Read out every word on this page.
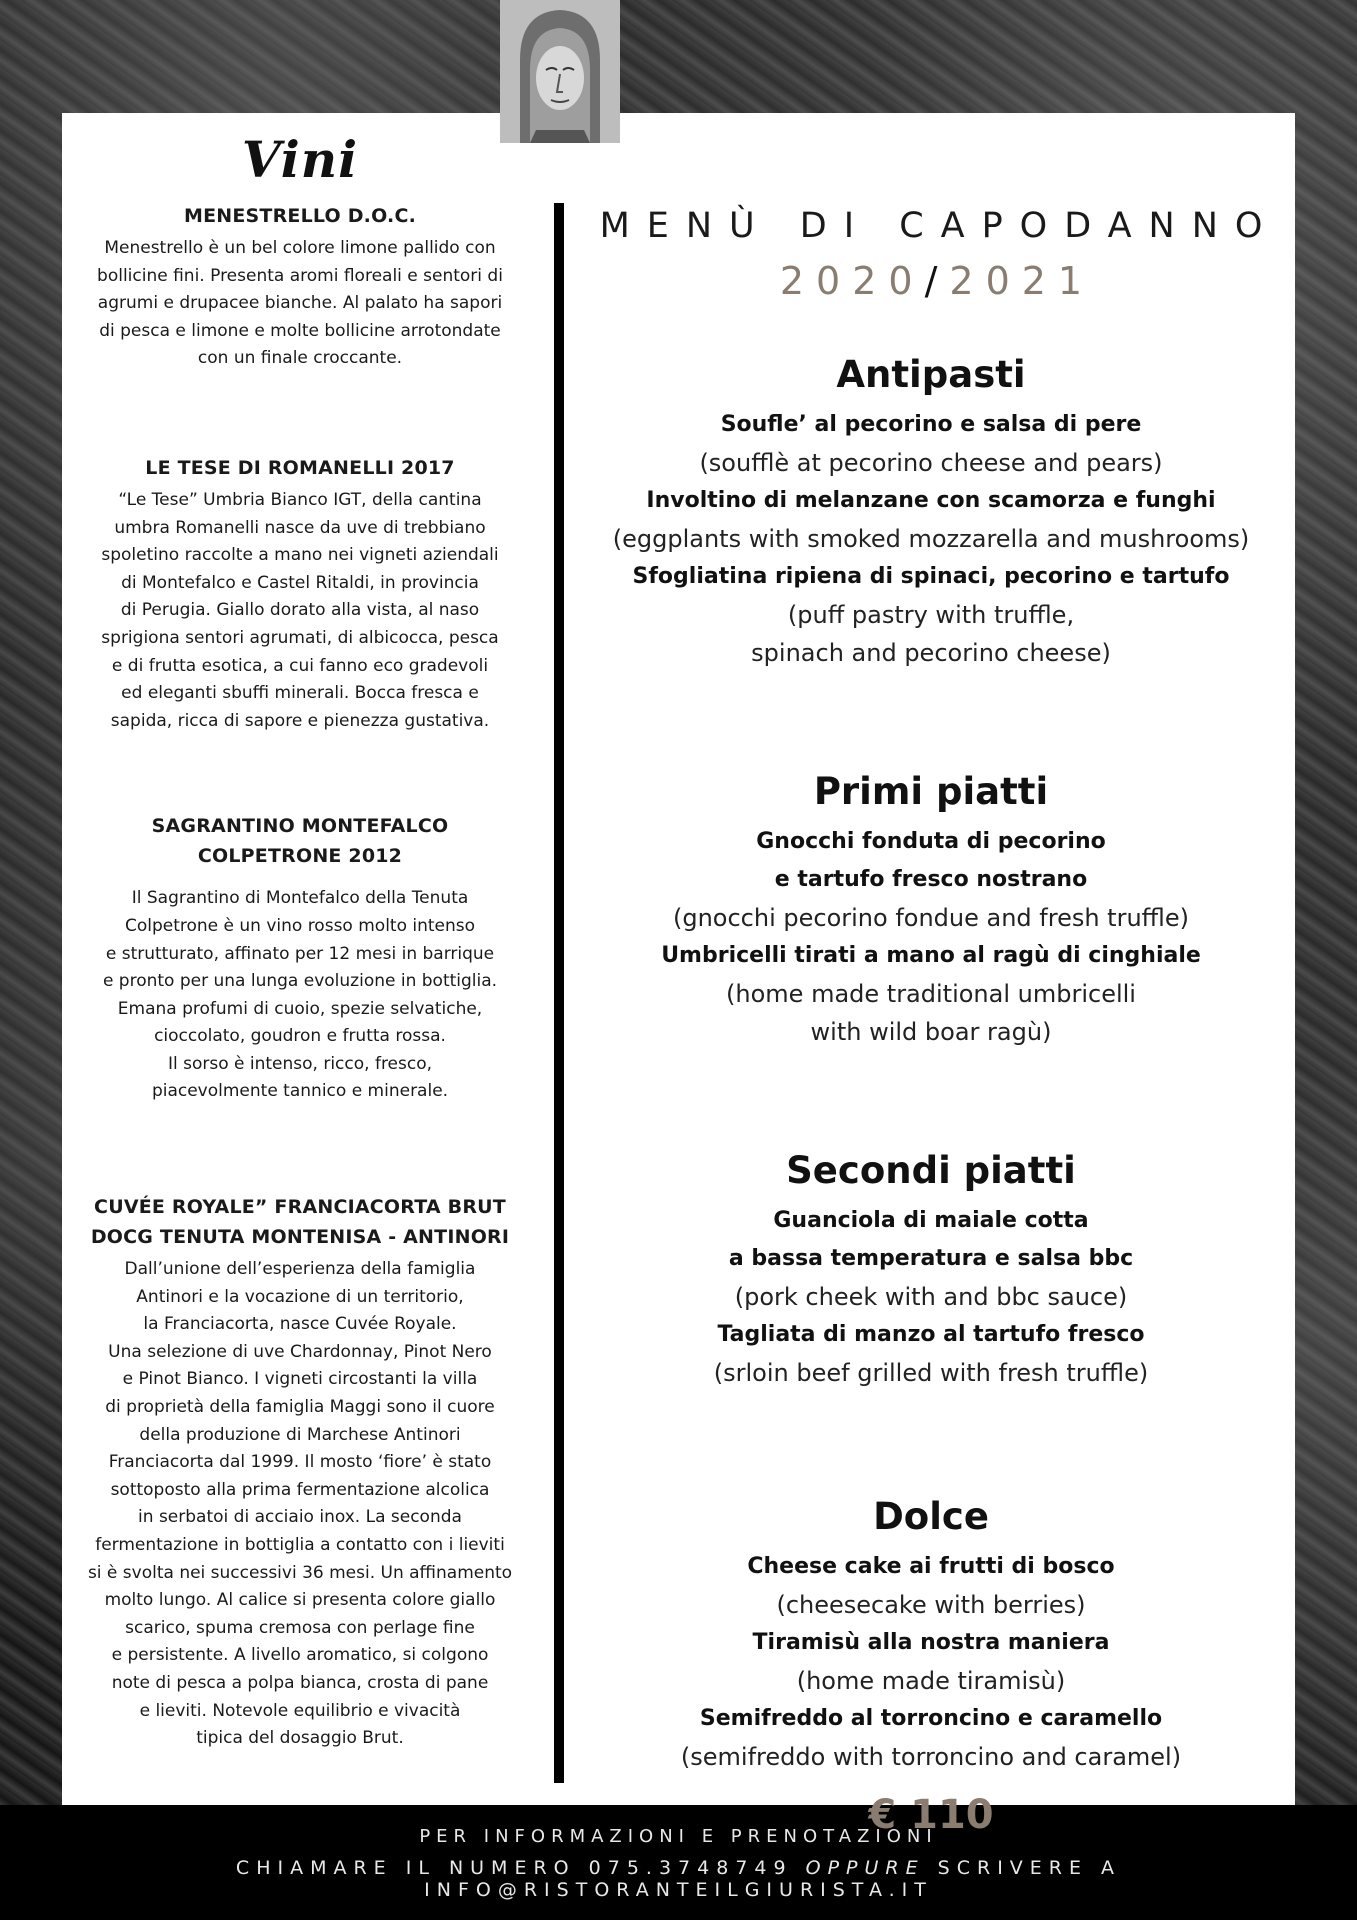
Vini
MENESTRELLO D.O.C.

Menestrello è un bel colore limone pallido con
bollicine fini. Presenta aromi floreali e sentori di
agrumi e drupacee bianche. Al palato ha sapori
di pesca e limone e molte bollicine arrotondate
con un finale croccante.

LE TESE DI ROMANELLI 2017

“Le Tese” Umbria Bianco IGT, della cantina
umbra Romanelli nasce da uve di trebbiano
spoletino raccolte a mano nei vigneti aziendali
di Montefalco e Castel Ritaldi, in provincia
di Perugia. Giallo dorato alla vista, al naso
sprigiona sentori agrumati, di albicocca, pesca
e di frutta esotica, a cui fanno eco gradevoli
ed eleganti sbuffi minerali. Bocca fresca e
sapida, ricca di sapore e pienezza gustativa.

SAGRANTINO MONTEFALCO
COLPETRONE 2012

Il Sagrantino di Montefalco della Tenuta
Colpetrone è un vino rosso molto intenso
e strutturato, affinato per 12 mesi in barrique
e pronto per una lunga evoluzione in bottiglia.
Emana profumi di cuoio, spezie selvatiche,
cioccolato, goudron e frutta rossa.
Il sorso è intenso, ricco, fresco,
piacevolmente tannico e minerale.

CUVÉE ROYALE” FRANCIACORTA BRUT
DOCG TENUTA MONTENISA - ANTINORI

Dall’unione dell’esperienza della famiglia
Antinori e la vocazione di un territorio,
la Franciacorta, nasce Cuvée Royale.
Una selezione di uve Chardonnay, Pinot Nero
e Pinot Bianco. I vigneti circostanti la villa
di proprietà della famiglia Maggi sono il cuore
della produzione di Marchese Antinori
Franciacorta dal 1999. Il mosto ‘fiore’ è stato
sottoposto alla prima fermentazione alcolica
in serbatoi di acciaio inox. La seconda
fermentazione in bottiglia a contatto con i lieviti
si è svolta nei successivi 36 mesi. Un affinamento
molto lungo. Al calice si presenta colore giallo
scarico, spuma cremosa con perlage fine
e persistente. A livello aromatico, si colgono
note di pesca a polpa bianca, crosta di pane
e lieviti. Notevole equilibrio e vivacità
tipica del dosaggio Brut.

MENÙ DI CAPODANNO
2020/2021
Antipasti

Soufle’ al pecorino e salsa di pere

(soufflè at pecorino cheese and pears)

Involtino di melanzane con scamorza e funghi

(eggplants with smoked mozzarella and mushrooms)

Sfogliatina ripiena di spinaci, pecorino e tartufo

(puff pastry with truffle,
spinach and pecorino cheese)

Primi piatti

Gnocchi fonduta di pecorino
e tartufo fresco nostrano

(gnocchi pecorino fondue and fresh truffle)

Umbricelli tirati a mano al ragù di cinghiale

(home made traditional umbricelli
with wild boar ragù)

Secondi piatti

Guanciola di maiale cotta
a bassa temperatura e salsa bbc

(pork cheek with and bbc sauce)

Tagliata di manzo al tartufo fresco

(srloin beef grilled with fresh truffle)

Dolce

Cheese cake ai frutti di bosco

(cheesecake with berries)

Tiramisù alla nostra maniera

(home made tiramisù)

Semifreddo al torroncino e caramello

(semifreddo with torroncino and caramel)

€ 110
PER INFORMAZIONI E PRENOTAZIONI
CHIAMARE IL NUMERO 075.3748749 OPPURE SCRIVERE A INFO@RISTORANTEILGIURISTA.IT
